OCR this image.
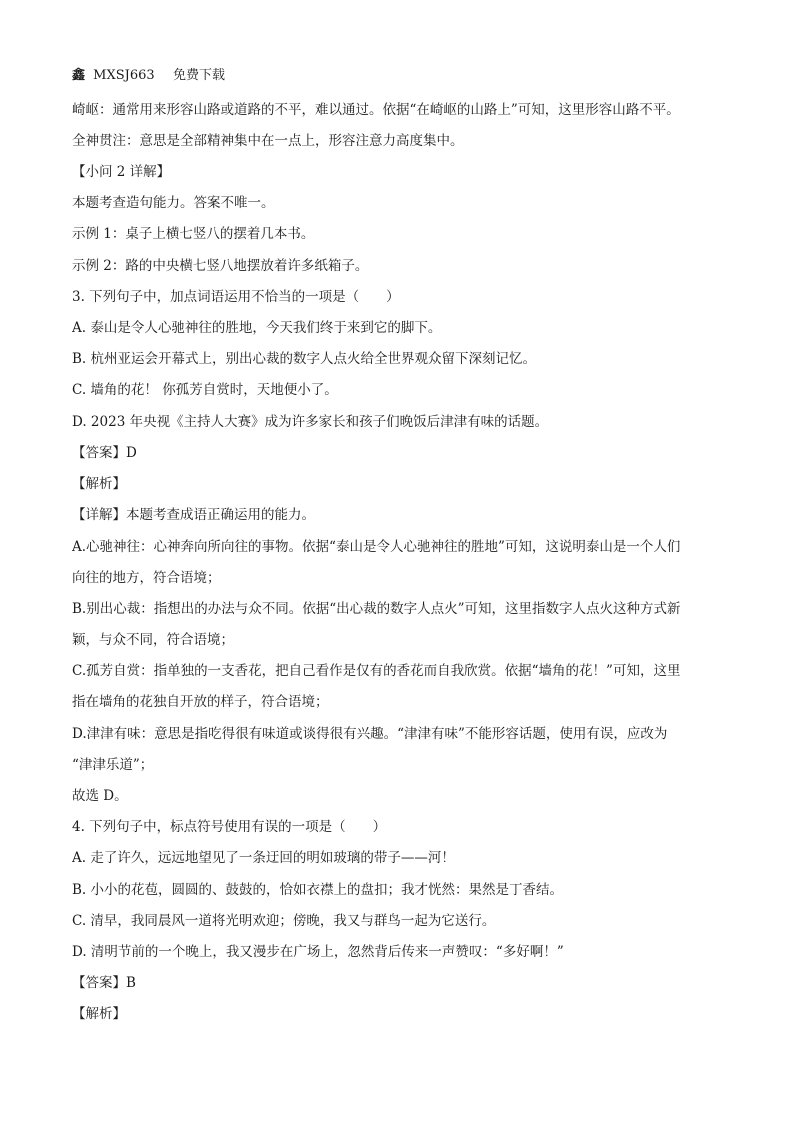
鑫 MXSJ663 免费下载
崎岖：通常用来形容山路或道路的不平，难以通过。依据“在崎岖的山路上”可知，这里形容山路不平。
全神贯注：意思是全部精神集中在一点上，形容注意力高度集中。
【小问 2 详解】
本题考查造句能力。答案不唯一。
示例 1：桌子上横七竖八的摆着几本书。
示例 2：路的中央横七竖八地摆放着许多纸箱子。
3. 下列句子中，加点词语运用不恰当的一项是（　　）
A. 泰山是令人心驰神往的胜地，今天我们终于来到它的脚下。
B. 杭州亚运会开幕式上，别出心裁的数字人点火给全世界观众留下深刻记忆。
C. 墙角的花！ 你孤芳自赏时，天地便小了。
D. 2023 年央视《主持人大赛》成为许多家长和孩子们晚饭后津津有味的话题。
【答案】D
【解析】
【详解】本题考查成语正确运用的能力。
A.心驰神往：心神奔向所向往的事物。依据“泰山是令人心驰神往的胜地”可知，这说明泰山是一个人们
向往的地方，符合语境；
B.别出心裁：指想出的办法与众不同。依据“出心裁的数字人点火”可知，这里指数字人点火这种方式新
颖，与众不同，符合语境；
C.孤芳自赏：指单独的一支香花，把自己看作是仅有的香花而自我欣赏。依据“墙角的花！”可知，这里
指在墙角的花独自开放的样子，符合语境；
D.津津有味：意思是指吃得很有味道或谈得很有兴趣。“津津有味”不能形容话题，使用有误，应改为
“津津乐道”；
故选 D。
4. 下列句子中，标点符号使用有误的一项是（　　）
A. 走了许久，远远地望见了一条迂回的明如玻璃的带子——河！
B. 小小的花苞，圆圆的、鼓鼓的，恰如衣襟上的盘扣；我才恍然：果然是丁香结。
C. 清早，我同晨风一道将光明欢迎；傍晚，我又与群鸟一起为它送行。
D. 清明节前的一个晚上，我又漫步在广场上，忽然背后传来一声赞叹：“多好啊！”
【答案】B
【解析】
